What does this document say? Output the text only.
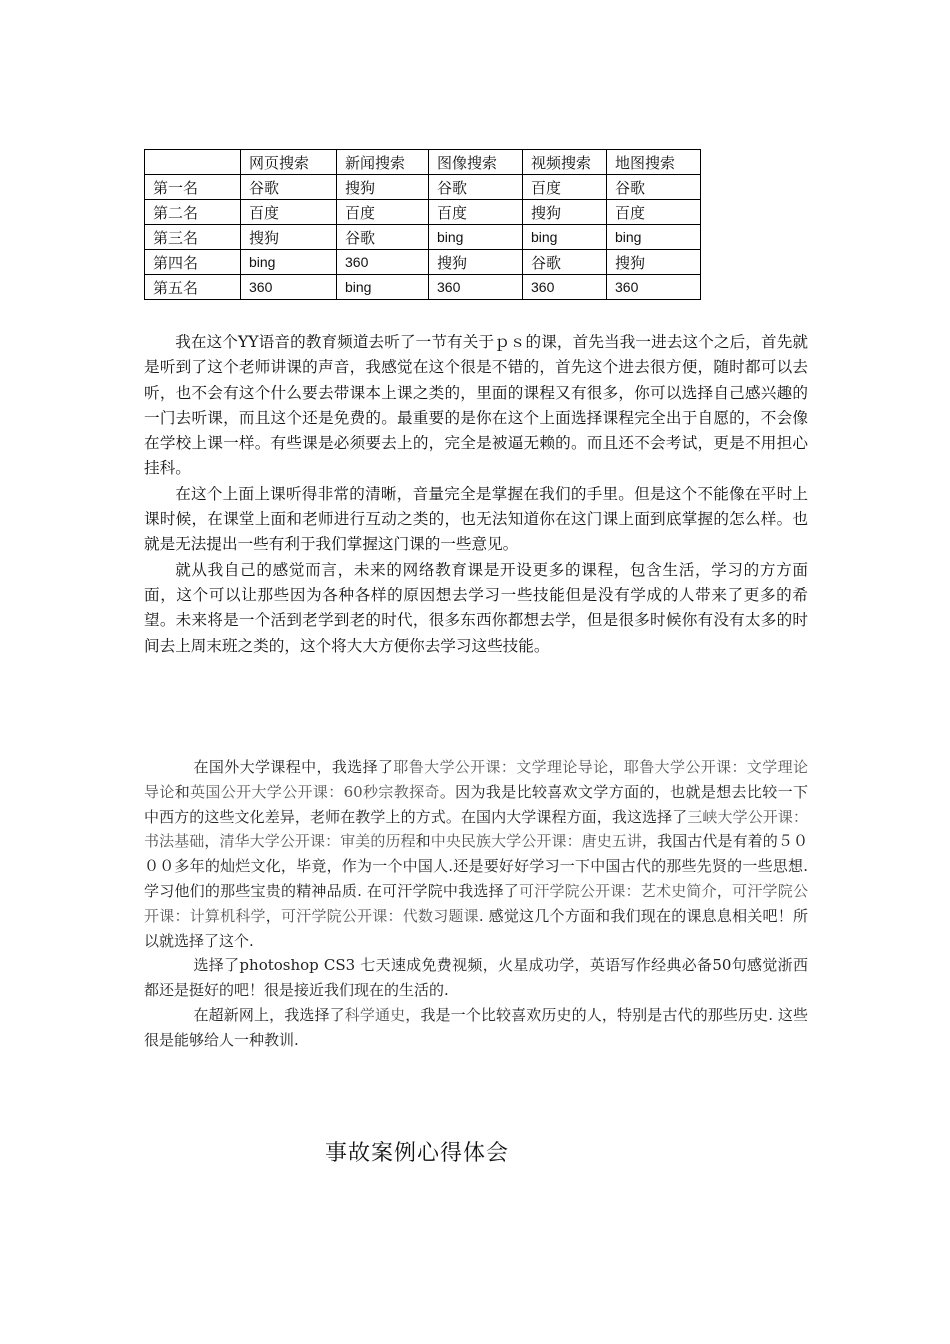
	网页搜索	新闻搜索	图像搜索	视频搜索	地图搜索
第一名	谷歌	搜狗	谷歌	百度	谷歌
第二名	百度	百度	百度	搜狗	百度
第三名	搜狗	谷歌	bing	bing	bing
第四名	bing	360	搜狗	谷歌	搜狗
第五名	360	bing	360	360	360

我在这个YY语音的教育频道去听了一节有关于ｐｓ的课，首先当我一进去这个之后，首先就是听到了这个老师讲课的声音，我感觉在这个很是不错的，首先这个进去很方便，随时都可以去听，也不会有这个什么要去带课本上课之类的，里面的课程又有很多，你可以选择自己感兴趣的一门去听课，而且这个还是免费的。最重要的是你在这个上面选择课程完全出于自愿的，不会像在学校上课一样。有些课是必须要去上的，完全是被逼无赖的。而且还不会考试，更是不用担心挂科。

在这个上面上课听得非常的清晰，音量完全是掌握在我们的手里。但是这个不能像在平时上课时候，在课堂上面和老师进行互动之类的，也无法知道你在这门课上面到底掌握的怎么样。也就是无法提出一些有利于我们掌握这门课的一些意见。

就从我自己的感觉而言，未来的网络教育课是开设更多的课程，包含生活，学习的方方面面，这个可以让那些因为各种各样的原因想去学习一些技能但是没有学成的人带来了更多的希望。未来将是一个活到老学到老的时代，很多东西你都想去学，但是很多时候你有没有太多的时间去上周末班之类的，这个将大大方便你去学习这些技能。

在国外大学课程中，我选择了耶鲁大学公开课：文学理论导论，耶鲁大学公开课：文学理论导论和英国公开大学公开课：60秒宗教探奇。因为我是比较喜欢文学方面的，也就是想去比较一下中西方的这些文化差异，老师在教学上的方式。在国内大学课程方面，我这选择了三峡大学公开课：书法基础，清华大学公开课：审美的历程和中央民族大学公开课：唐史五讲，我国古代是有着的５０００多年的灿烂文化，毕竟，作为一个中国人.还是要好好学习一下中国古代的那些先贤的一些思想. 学习他们的那些宝贵的精神品质. 在可汗学院中我选择了可汗学院公开课：艺术史简介，可汗学院公开课：计算机科学，可汗学院公开课：代数习题课. 感觉这几个方面和我们现在的课息息相关吧！所以就选择了这个.

选择了photoshop CS3 七天速成免费视频，火星成功学，英语写作经典必备50句感觉浙西都还是挺好的吧！很是接近我们现在的生活的.

在超新网上，我选择了科学通史，我是一个比较喜欢历史的人，特别是古代的那些历史. 这些很是能够给人一种教训.

事故案例心得体会
